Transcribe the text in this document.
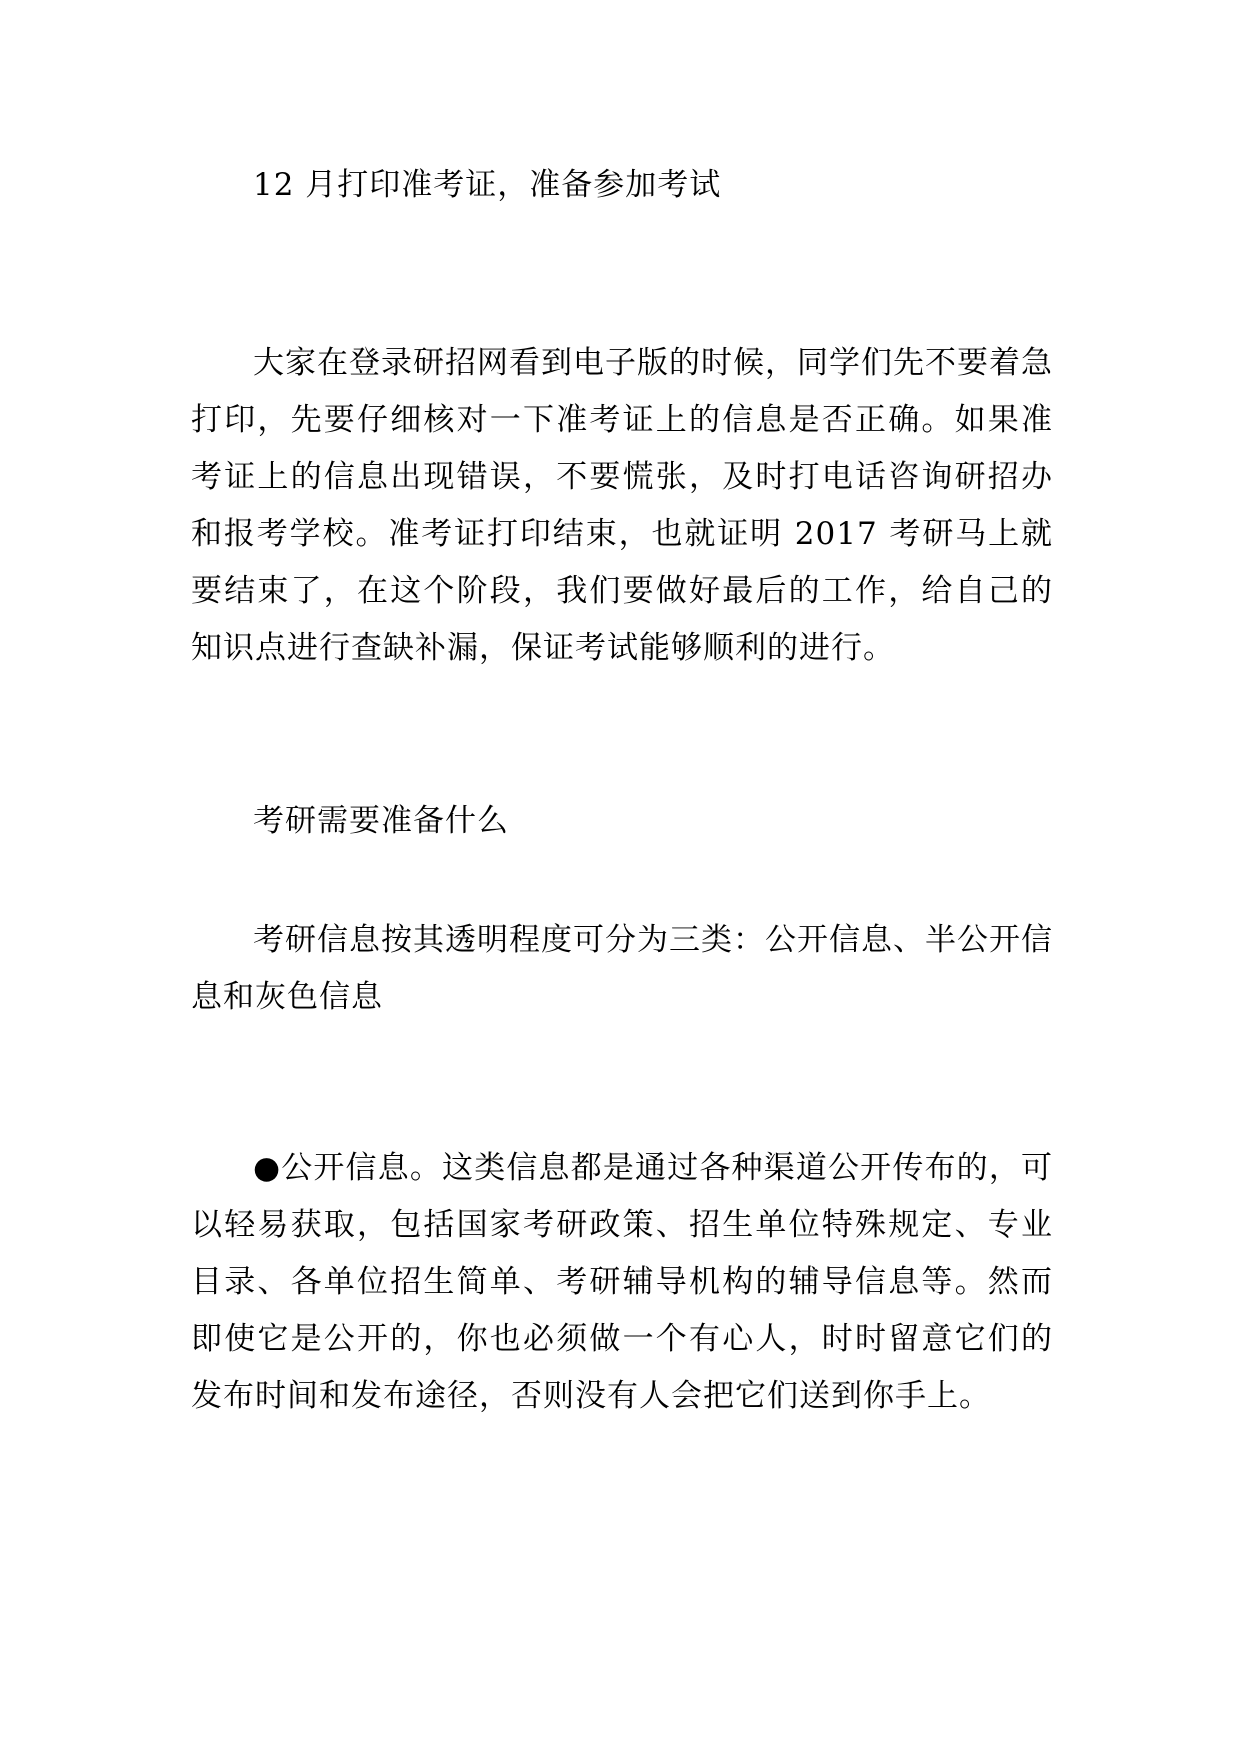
12 月打印准考证，准备参加考试

大家在登录研招网看到电子版的时候，同学们先不要着急打印，先要仔细核对一下准考证上的信息是否正确。如果准考证上的信息出现错误，不要慌张，及时打电话咨询研招办和报考学校。准考证打印结束，也就证明 2017 考研马上就要结束了，在这个阶段，我们要做好最后的工作，给自己的知识点进行查缺补漏，保证考试能够顺利的进行。

考研需要准备什么

考研信息按其透明程度可分为三类：公开信息、半公开信息和灰色信息

●公开信息。这类信息都是通过各种渠道公开传布的，可以轻易获取，包括国家考研政策、招生单位特殊规定、专业目录、各单位招生简单、考研辅导机构的辅导信息等。然而即使它是公开的，你也必须做一个有心人，时时留意它们的发布时间和发布途径，否则没有人会把它们送到你手上。
